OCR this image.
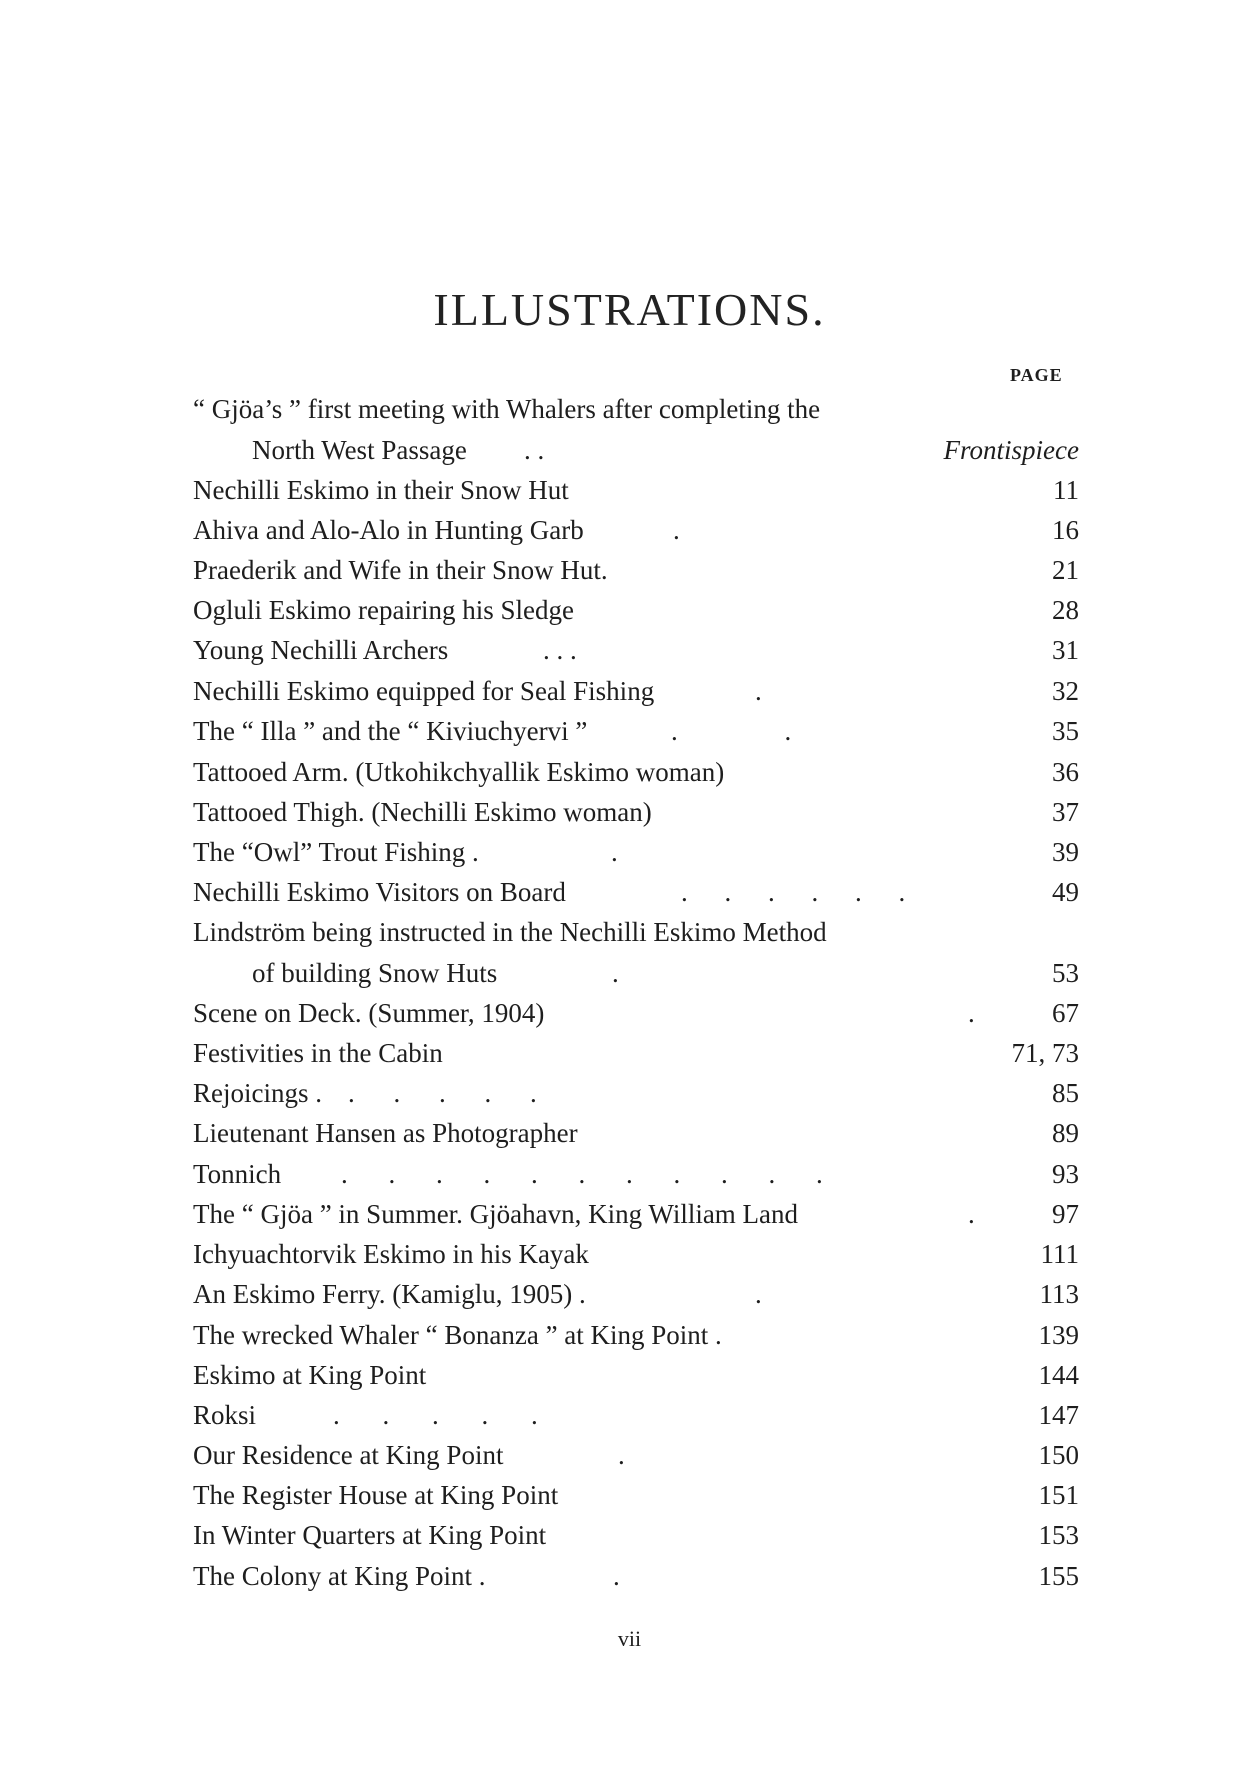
ILLUSTRATIONS.
PAGE
“ Gjöa’s ” first meeting with Whalers after completing the
North West Passage . .	Frontispiece
Nechilli Eskimo in their Snow Hut	11
Ahiva and Alo-Alo in Hunting Garb	.	16
Praederik and Wife in their Snow Hut.	21
Ogluli Eskimo repairing his Sledge	28
Young Nechilli Archers	. . .	31
Nechilli Eskimo equipped for Seal Fishing	.	32
The “ Illa ” and the “ Kiviuchyervi ”	. .	35
Tattooed Arm. (Utkohikchyallik Eskimo woman)	36
Tattooed Thigh. (Nechilli Eskimo woman)	37
The “Owl” Trout Fishing .	.	39
Nechilli Eskimo Visitors on Board	. . . . . .	49
Lindström being instructed in the Nechilli Eskimo Method
of building Snow Huts	.	53
Scene on Deck. (Summer, 1904)	.	67
Festivities in the Cabin	71, 73
Rejoicings . . . . . .	85
Lieutenant Hansen as Photographer	89
Tonnich . . . . . . . . . . .	93
The “ Gjöa ” in Summer. Gjöahavn, King William Land	.	97
Ichyuachtorvik Eskimo in his Kayak	111
An Eskimo Ferry. (Kamiglu, 1905) .	.	113
The wrecked Whaler “ Bonanza ” at King Point .	139
Eskimo at King Point	144
Roksi	. . . . .	147
Our Residence at King Point	.	150
The Register House at King Point	151
In Winter Quarters at King Point	153
The Colony at King Point .	.	155
vii
